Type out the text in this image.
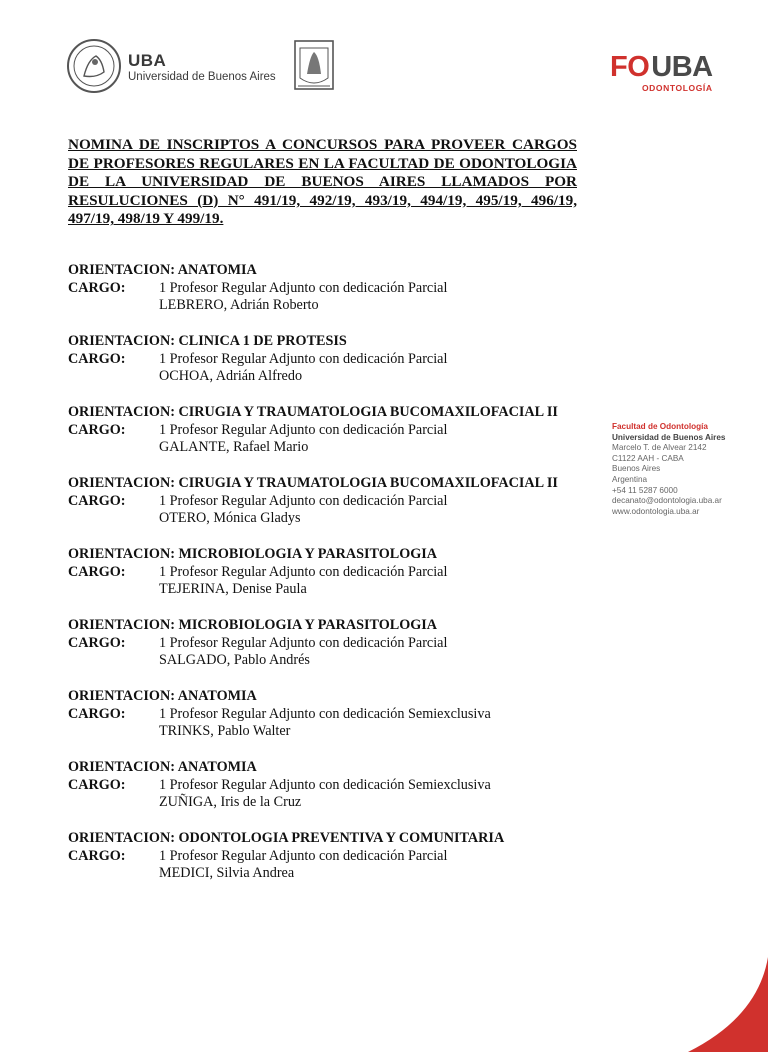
UBA
Universidad de Buenos Aires	FO UBA
ODONTOLOGÍA
NOMINA DE INSCRIPTOS A CONCURSOS PARA PROVEER CARGOS DE PROFESORES REGULARES EN LA FACULTAD DE ODONTOLOGIA DE LA UNIVERSIDAD DE BUENOS AIRES LLAMADOS POR RESULUCIONES (D) N° 491/19, 492/19, 493/19, 494/19, 495/19, 496/19, 497/19, 498/19 Y 499/19.
ORIENTACION: ANATOMIA
CARGO:	1 Profesor Regular Adjunto con dedicación Parcial
LEBRERO, Adrián Roberto
ORIENTACION: CLINICA 1 DE PROTESIS
CARGO:	1 Profesor Regular Adjunto con dedicación Parcial
OCHOA, Adrián Alfredo
ORIENTACION: CIRUGIA Y TRAUMATOLOGIA BUCOMAXILOFACIAL II
CARGO:	1 Profesor Regular Adjunto con dedicación Parcial
GALANTE, Rafael Mario
ORIENTACION: CIRUGIA Y TRAUMATOLOGIA BUCOMAXILOFACIAL II
CARGO:	1 Profesor Regular Adjunto con dedicación Parcial
OTERO, Mónica Gladys
ORIENTACION: MICROBIOLOGIA Y PARASITOLOGIA
CARGO:	1 Profesor Regular Adjunto con dedicación Parcial
TEJERINA, Denise Paula
ORIENTACION: MICROBIOLOGIA Y PARASITOLOGIA
CARGO:	1 Profesor Regular Adjunto con dedicación Parcial
SALGADO, Pablo Andrés
ORIENTACION: ANATOMIA
CARGO:	1 Profesor Regular Adjunto con dedicación Semiexclusiva
TRINKS, Pablo Walter
ORIENTACION: ANATOMIA
CARGO:	1 Profesor Regular Adjunto con dedicación Semiexclusiva
ZUÑIGA, Iris de la Cruz
ORIENTACION: ODONTOLOGIA PREVENTIVA Y COMUNITARIA
CARGO:	1 Profesor Regular Adjunto con dedicación Parcial
MEDICI, Silvia Andrea
Facultad de Odontología
Universidad de Buenos Aires
Marcelo T. de Alvear 2142
C1122 AAH - CABA
Buenos Aires
Argentina
+54 11 5287 6000
decanato@odontologia.uba.ar
www.odontologia.uba.ar
